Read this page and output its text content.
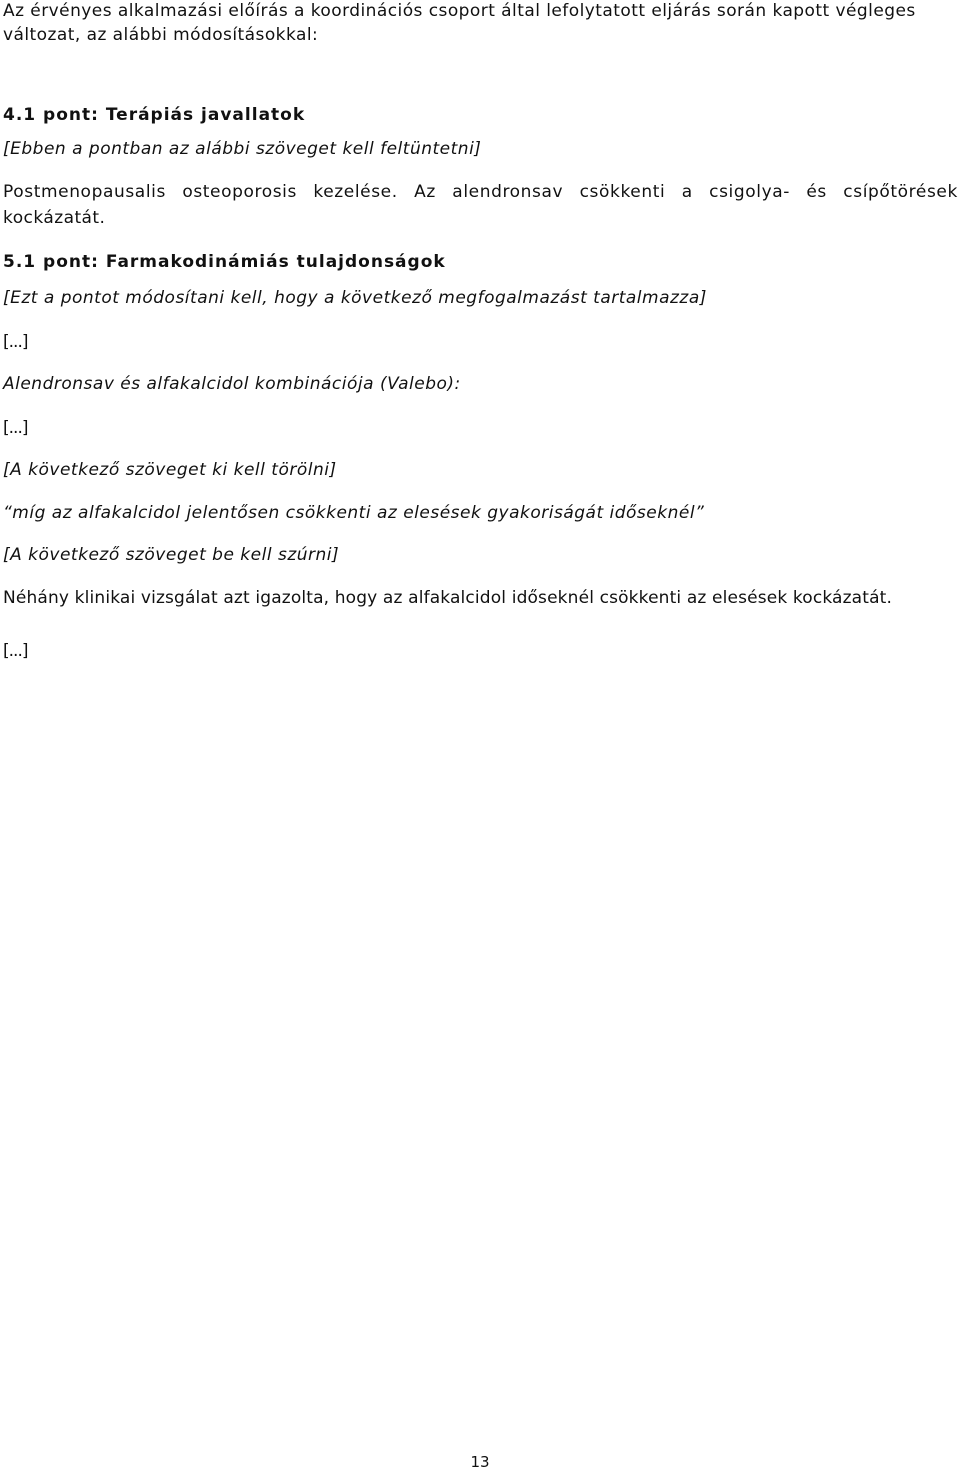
Az érvényes alkalmazási előírás a koordinációs csoport által lefolytatott eljárás során kapott végleges
változat, az alábbi módosításokkal:
4.1 pont: Terápiás javallatok
[Ebben a pontban az alábbi szöveget kell feltüntetni]
Postmenopausalis osteoporosis kezelése. Az alendronsav csökkenti a csigolya- és csípőtörések
kockázatát.
5.1 pont: Farmakodinámiás tulajdonságok
[Ezt a pontot módosítani kell, hogy a következő megfogalmazást tartalmazza]
[...]
Alendronsav és alfakalcidol kombinációja (Valebo):
[...]
[A következő szöveget ki kell törölni]
“míg az alfakalcidol jelentősen csökkenti az elesések gyakoriságát időseknél”
[A következő szöveget be kell szúrni]
Néhány klinikai vizsgálat azt igazolta, hogy az alfakalcidol időseknél csökkenti az elesések kockázatát.
[...]
13
